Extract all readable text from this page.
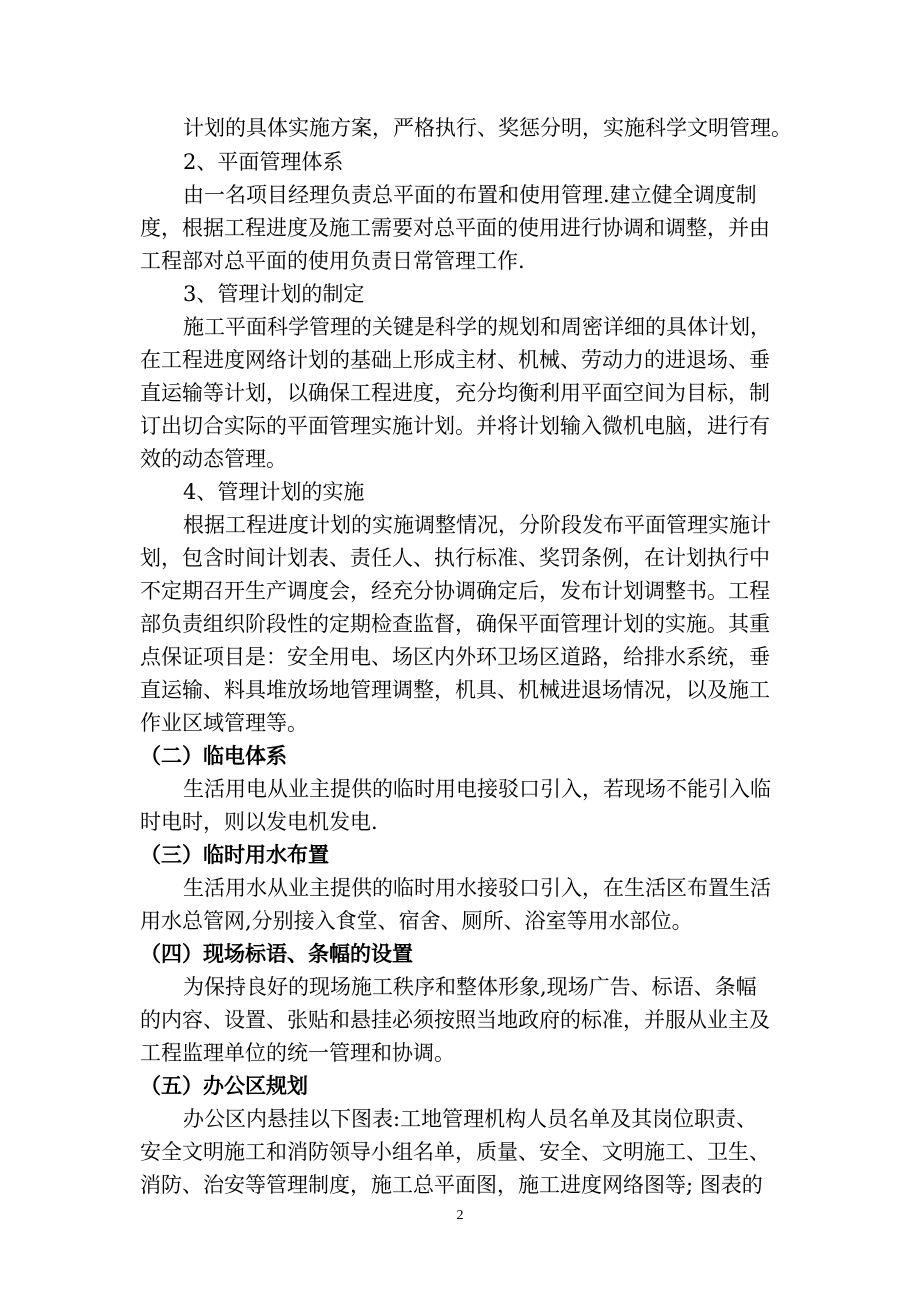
计划的具体实施方案，严格执行、奖惩分明，实施科学文明管理。
2、平面管理体系
由一名项目经理负责总平面的布置和使用管理.建立健全调度制
度，根据工程进度及施工需要对总平面的使用进行协调和调整，并由
工程部对总平面的使用负责日常管理工作.
3、管理计划的制定
施工平面科学管理的关键是科学的规划和周密详细的具体计划，
在工程进度网络计划的基础上形成主材、机械、劳动力的进退场、垂
直运输等计划，以确保工程进度，充分均衡利用平面空间为目标，制
订出切合实际的平面管理实施计划。并将计划输入微机电脑，进行有
效的动态管理。
4、管理计划的实施
根据工程进度计划的实施调整情况，分阶段发布平面管理实施计
划，包含时间计划表、责任人、执行标准、奖罚条例，在计划执行中
不定期召开生产调度会，经充分协调确定后，发布计划调整书。工程
部负责组织阶段性的定期检查监督，确保平面管理计划的实施。其重
点保证项目是：安全用电、场区内外环卫场区道路，给排水系统，垂
直运输、料具堆放场地管理调整，机具、机械进退场情况，以及施工
作业区域管理等。
（二）临电体系
生活用电从业主提供的临时用电接驳口引入，若现场不能引入临
时电时，则以发电机发电.
（三）临时用水布置
生活用水从业主提供的临时用水接驳口引入，在生活区布置生活
用水总管网,分别接入食堂、宿舍、厕所、浴室等用水部位。
（四）现场标语、条幅的设置
为保持良好的现场施工秩序和整体形象,现场广告、标语、条幅
的内容、设置、张贴和悬挂必须按照当地政府的标准，并服从业主及
工程监理单位的统一管理和协调。
（五）办公区规划
办公区内悬挂以下图表:工地管理机构人员名单及其岗位职责、
安全文明施工和消防领导小组名单，质量、安全、文明施工、卫生、
消防、治安等管理制度，施工总平面图，施工进度网络图等; 图表的
2
